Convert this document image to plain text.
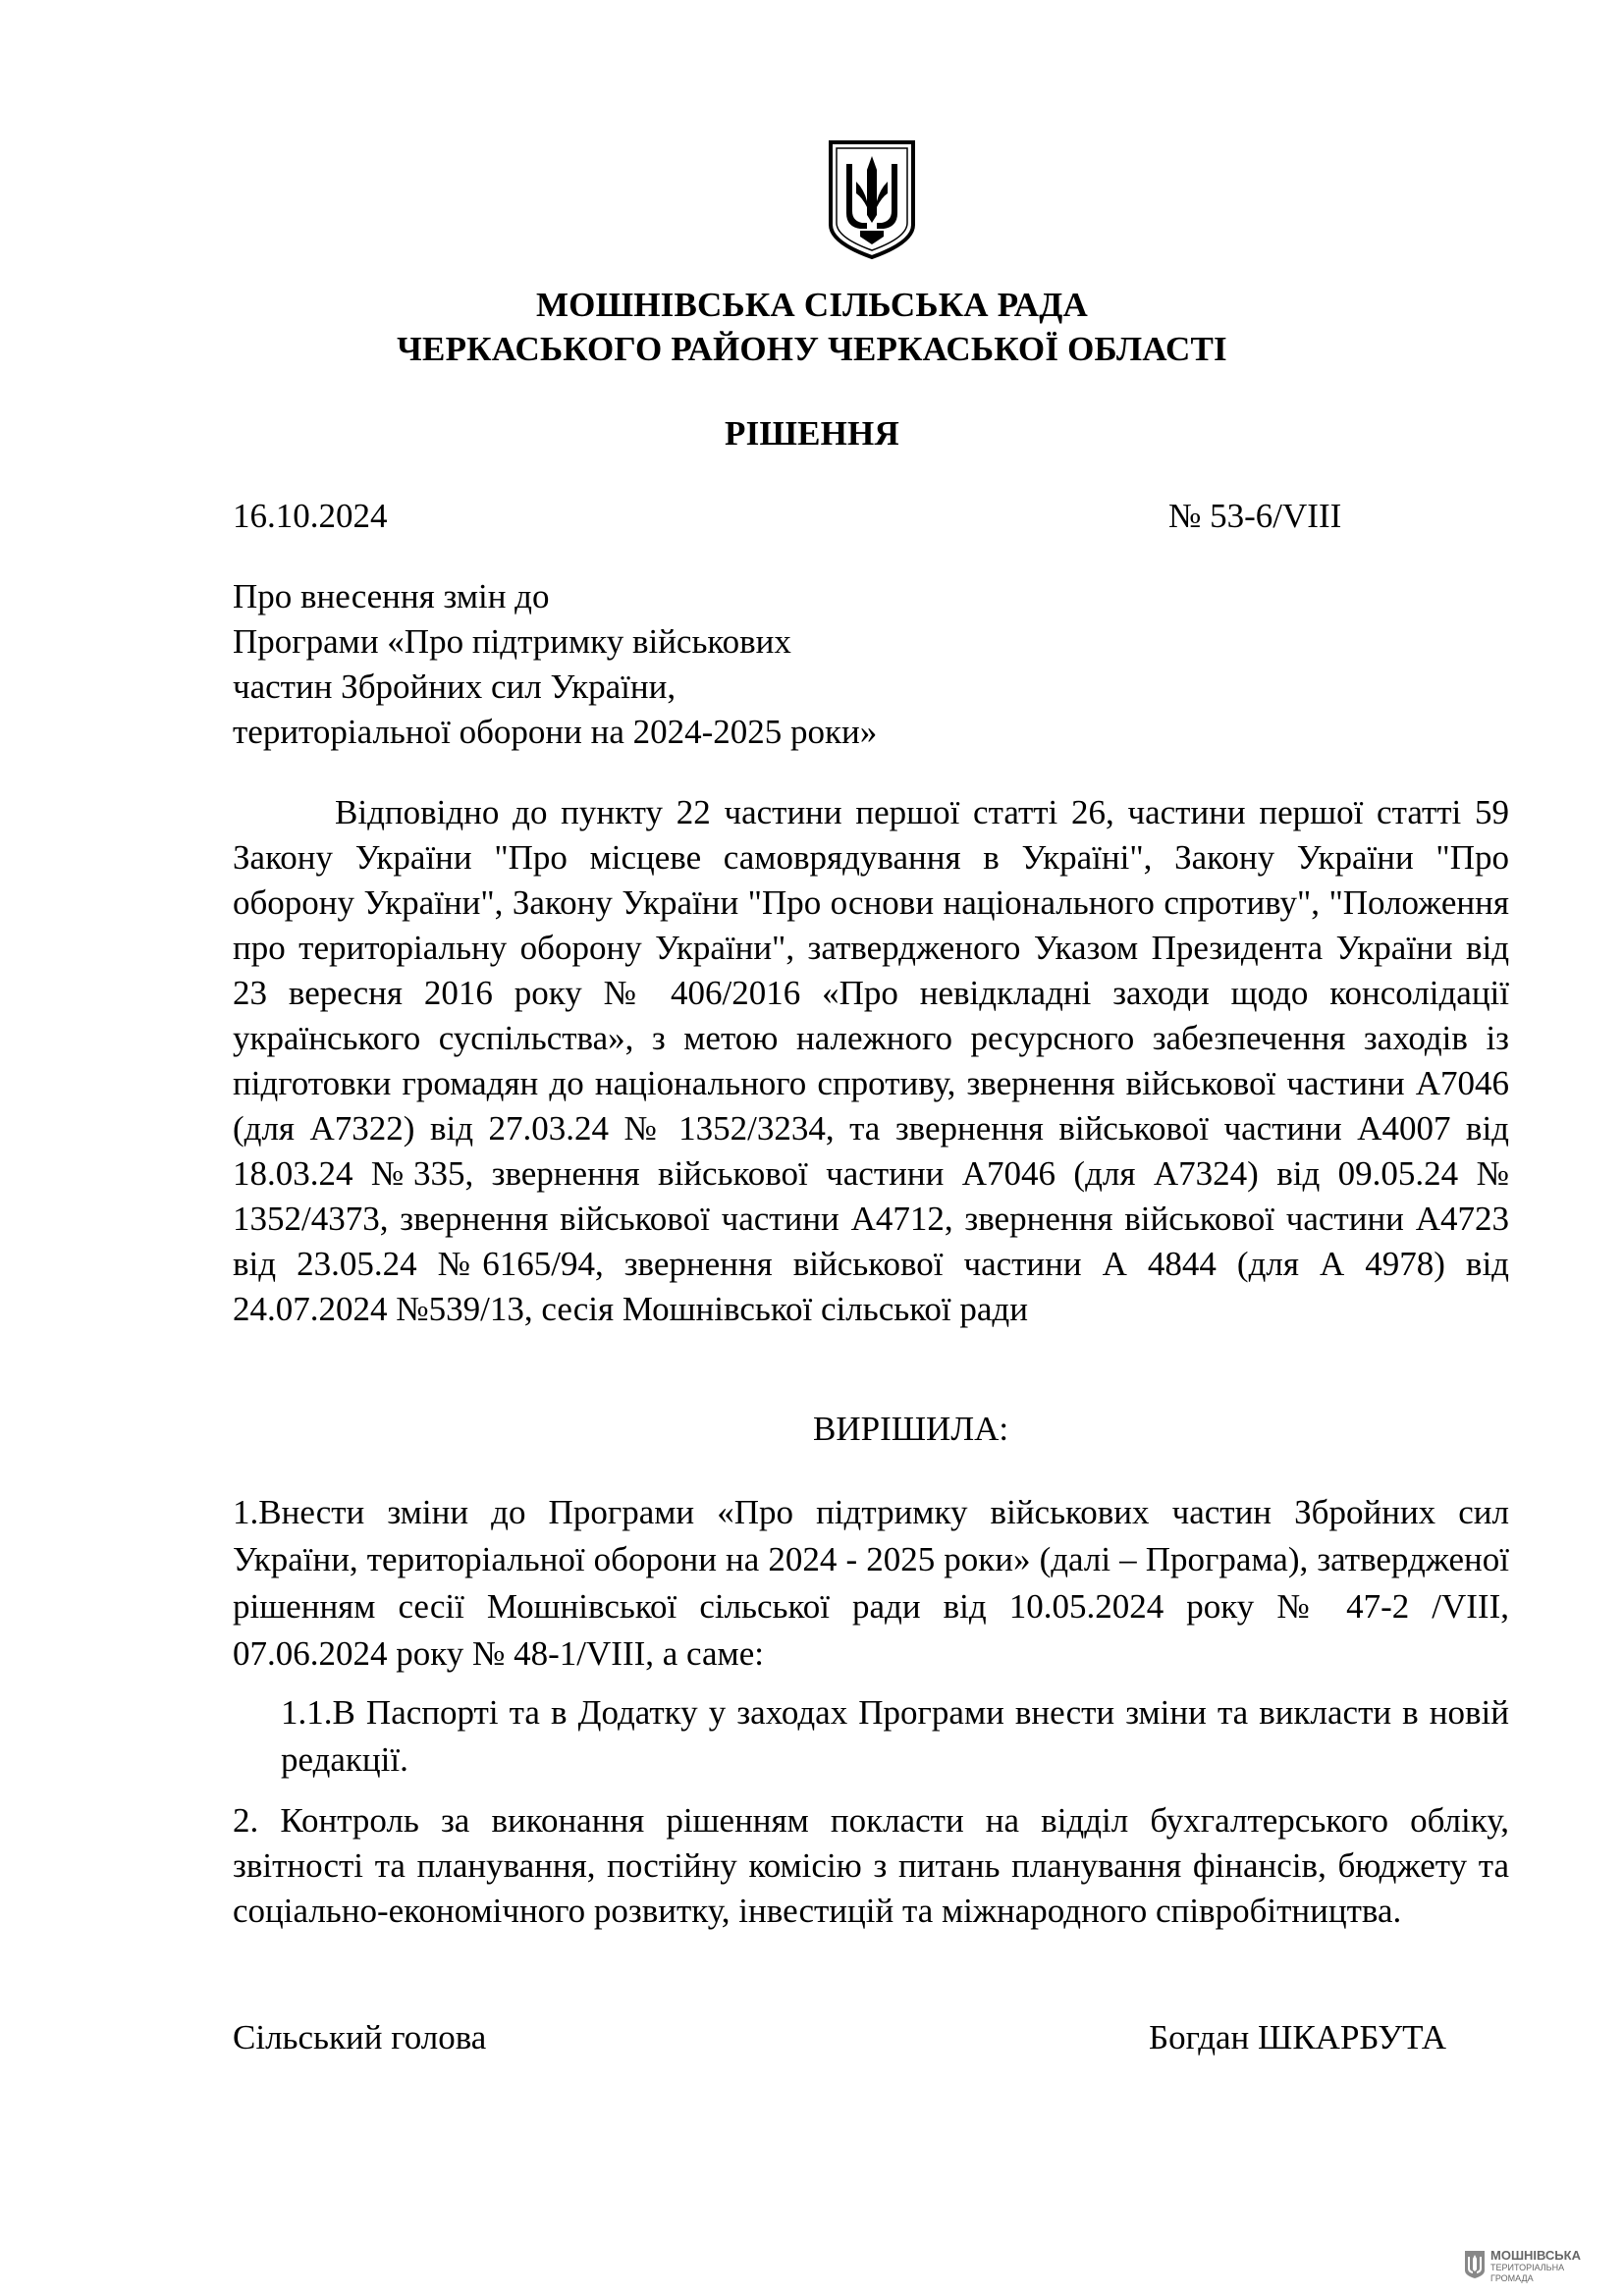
МОШНІВСЬКА СІЛЬСЬКА РАДА
ЧЕРКАСЬКОГО РАЙОНУ ЧЕРКАСЬКОЇ ОБЛАСТІ
РІШЕННЯ
16.10.2024	№ 53-6/VIII
Про внесення змін до
Програми «Про підтримку військових
частин Збройних сил України,
територіальної оборони на 2024-2025 роки»
Відповідно до пункту 22 частини першої статті 26, частини першої статті 59 Закону України "Про місцеве самоврядування в Україні", Закону України "Про оборону України", Закону України "Про основи національного спротиву", "Положення про територіальну оборону України", затвердженого Указом Президента України від 23 вересня 2016 року № 406/2016 «Про невідкладні заходи щодо консолідації українського суспільства», з метою належного ресурсного забезпечення заходів із підготовки громадян до національного спротиву, звернення військової частини А7046 (для А7322) від 27.03.24 № 1352/3234, та звернення військової частини А4007 від 18.03.24 №335, звернення військової частини А7046 (для А7324) від 09.05.24 № 1352/4373, звернення військової частини А4712, звернення військової частини А4723 від 23.05.24 №6165/94, звернення військової частини А 4844 (для А 4978) від 24.07.2024 №539/13, сесія Мошнівської сільської ради
ВИРІШИЛА:
1.Внести зміни до Програми «Про підтримку військових частин Збройних сил України, територіальної оборони на 2024 - 2025 роки» (далі – Програма), затвердженої рішенням сесії Мошнівської сільської ради від 10.05.2024 року № 47-2 /VIII, 07.06.2024 року № 48-1/VIII, а саме:
1.1.В Паспорті та в Додатку у заходах Програми внести зміни та викласти в новій редакції.
2. Контроль за виконання рішенням покласти на відділ бухгалтерського обліку, звітності та планування, постійну комісію з питань планування фінансів, бюджету та соціально-економічного розвитку, інвестицій та міжнародного співробітництва.
Сільський голова	Богдан ШКАРБУТА
МОШНІВСЬКА
ТЕРИТОРІАЛЬНА
ГРОМАДА
